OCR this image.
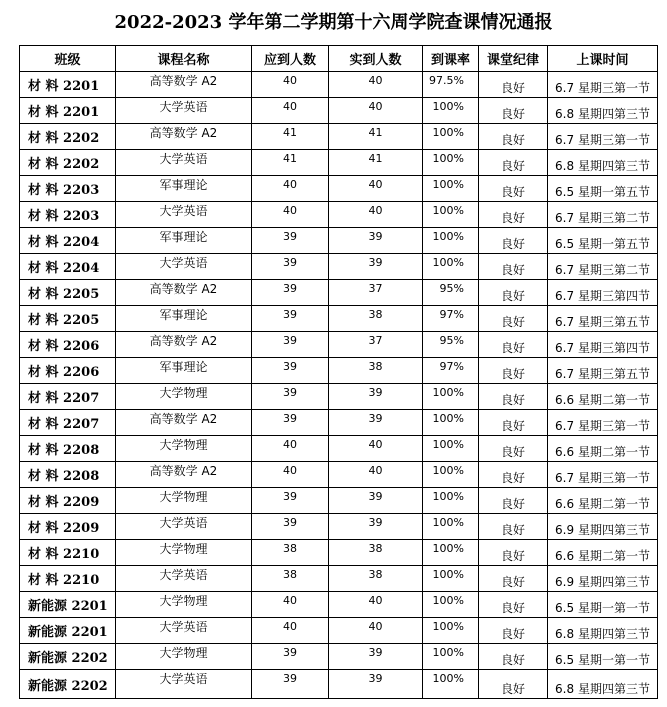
2022-2023 学年第二学期第十六周学院查课情况通报
班级	课程名称	应到人数	实到人数	到课率	课堂纪律	上课时间
材 料 2201	高等数学 A2	40	40	97.5%	良好	6.7 星期三第一节
材 料 2201	大学英语	40	40	100%	良好	6.8 星期四第三节
材 料 2202	高等数学 A2	41	41	100%	良好	6.7 星期三第一节
材 料 2202	大学英语	41	41	100%	良好	6.8 星期四第三节
材 料 2203	军事理论	40	40	100%	良好	6.5 星期一第五节
材 料 2203	大学英语	40	40	100%	良好	6.7 星期三第二节
材 料 2204	军事理论	39	39	100%	良好	6.5 星期一第五节
材 料 2204	大学英语	39	39	100%	良好	6.7 星期三第二节
材 料 2205	高等数学 A2	39	37	95%	良好	6.7 星期三第四节
材 料 2205	军事理论	39	38	97%	良好	6.7 星期三第五节
材 料 2206	高等数学 A2	39	37	95%	良好	6.7 星期三第四节
材 料 2206	军事理论	39	38	97%	良好	6.7 星期三第五节
材 料 2207	大学物理	39	39	100%	良好	6.6 星期二第一节
材 料 2207	高等数学 A2	39	39	100%	良好	6.7 星期三第一节
材 料 2208	大学物理	40	40	100%	良好	6.6 星期二第一节
材 料 2208	高等数学 A2	40	40	100%	良好	6.7 星期三第一节
材 料 2209	大学物理	39	39	100%	良好	6.6 星期二第一节
材 料 2209	大学英语	39	39	100%	良好	6.9 星期四第三节
材 料 2210	大学物理	38	38	100%	良好	6.6 星期二第一节
材 料 2210	大学英语	38	38	100%	良好	6.9 星期四第三节
新能源 2201	大学物理	40	40	100%	良好	6.5 星期一第一节
新能源 2201	大学英语	40	40	100%	良好	6.8 星期四第三节
新能源 2202	大学物理	39	39	100%	良好	6.5 星期一第一节
新能源 2202	大学英语	39	39	100%	良好	6.8 星期四第三节
